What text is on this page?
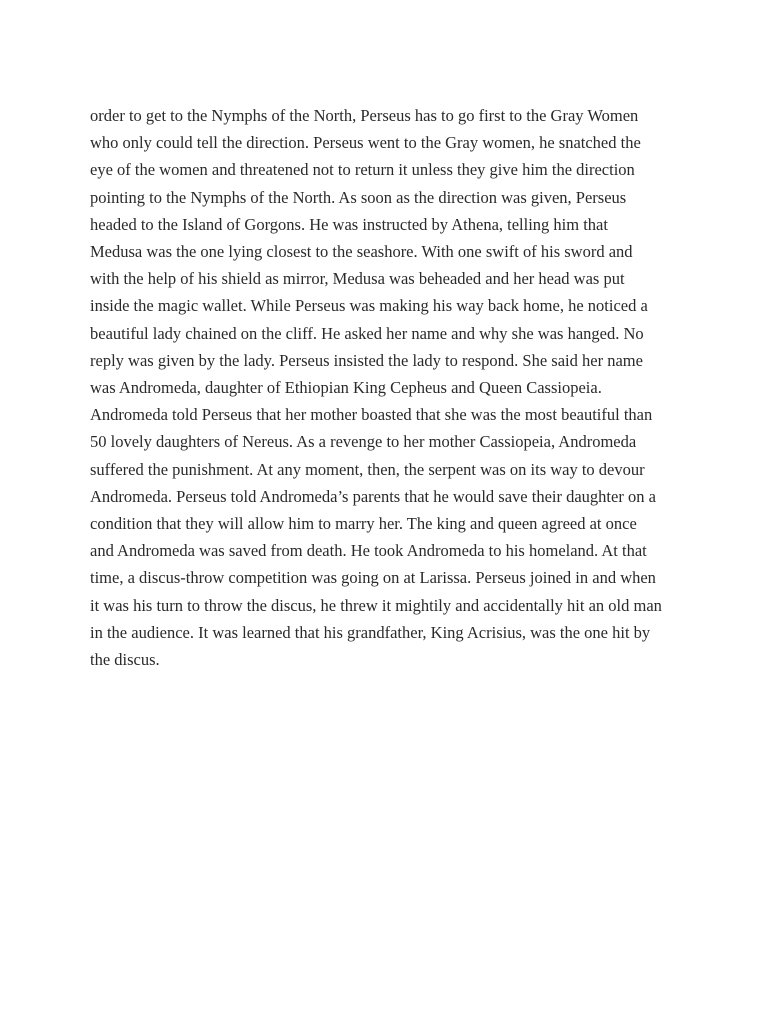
order to get to the Nymphs of the North, Perseus has to go first to the Gray Women
who only could tell the direction. Perseus went to the Gray women, he snatched the
eye of the women and threatened not to return it unless they give him the direction
pointing to the Nymphs of the North. As soon as the direction was given, Perseus
headed to the Island of Gorgons. He was instructed by Athena, telling him that
Medusa was the one lying closest to the seashore. With one swift of his sword and
with the help of his shield as mirror, Medusa was beheaded and her head was put
inside the magic wallet. While Perseus was making his way back home, he noticed a
beautiful lady chained on the cliff. He asked her name and why she was hanged. No
reply was given by the lady. Perseus insisted the lady to respond. She said her name
was Andromeda, daughter of Ethiopian King Cepheus and Queen Cassiopeia.
Andromeda told Perseus that her mother boasted that she was the most beautiful than
50 lovely daughters of Nereus. As a revenge to her mother Cassiopeia, Andromeda
suffered the punishment. At any moment, then, the serpent was on its way to devour
Andromeda. Perseus told Andromeda’s parents that he would save their daughter on a
condition that they will allow him to marry her. The king and queen agreed at once
and Andromeda was saved from death. He took Andromeda to his homeland. At that
time, a discus-throw competition was going on at Larissa. Perseus joined in and when
it was his turn to throw the discus, he threw it mightily and accidentally hit an old man
in the audience. It was learned that his grandfather, King Acrisius, was the one hit by
the discus.
